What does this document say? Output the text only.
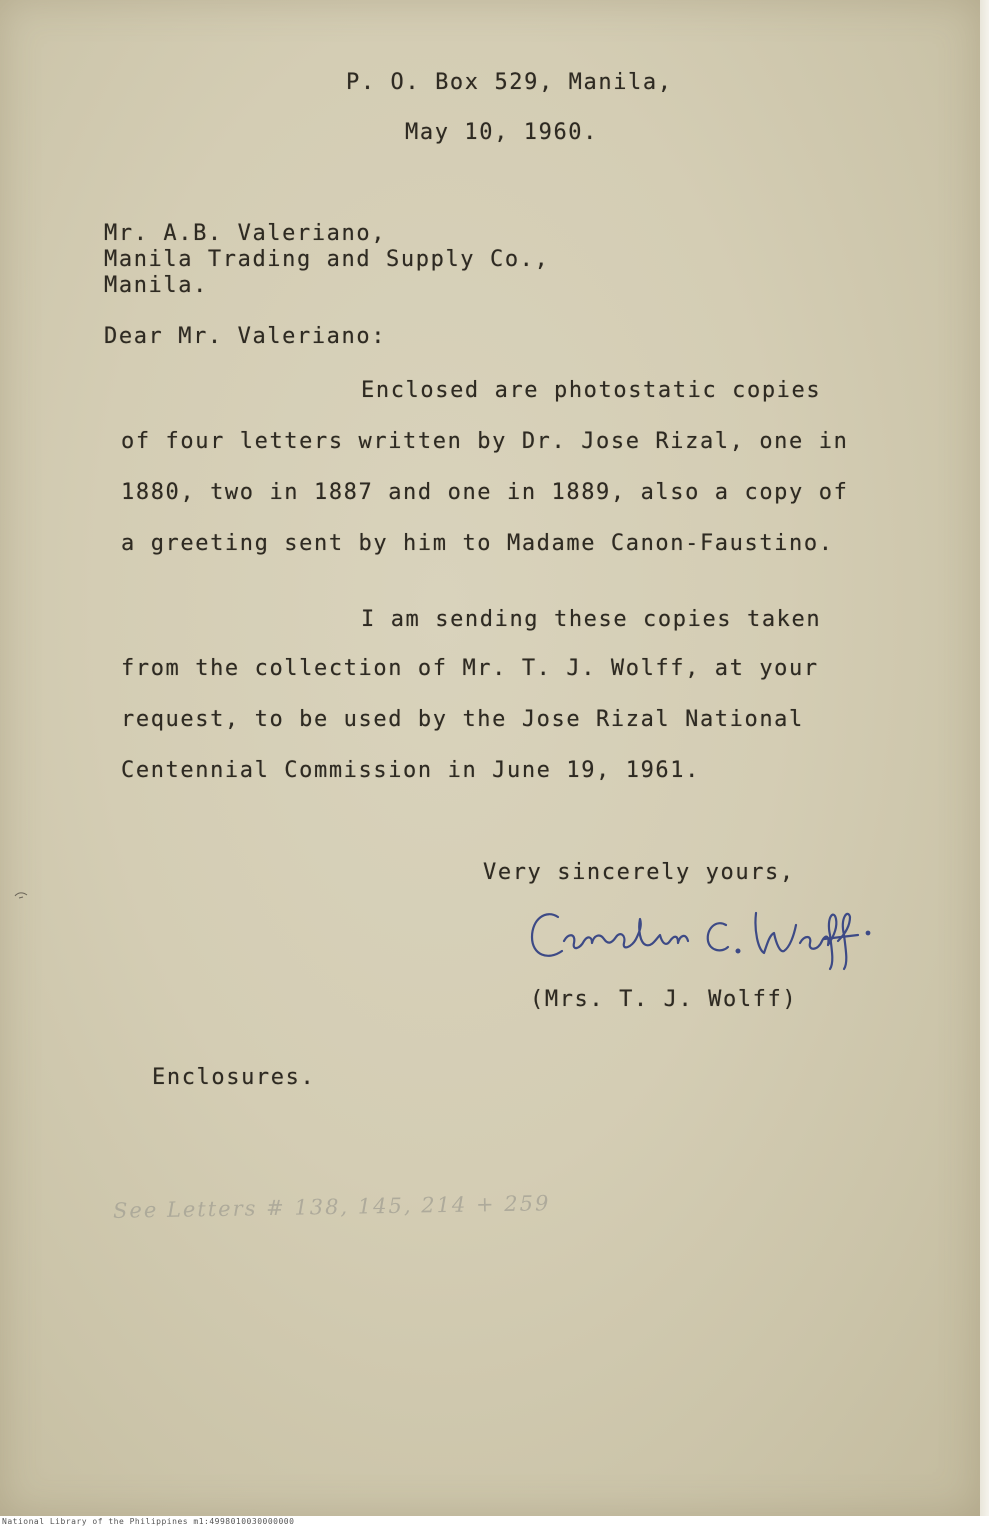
P. O. Box 529, Manila,
May 10, 1960.
Mr. A.B. Valeriano,
Manila Trading and Supply Co.,
Manila.
Dear Mr. Valeriano:
Enclosed are photostatic copies
of four letters written by Dr. Jose Rizal, one in
1880, two in 1887 and one in 1889, also a copy of
a greeting sent by him to Madame Canon-Faustino.
I am sending these copies taken
from the collection of Mr. T. J. Wolff, at your
request, to be used by the Jose Rizal National
Centennial Commission in June 19, 1961.
Very sincerely yours,
(Mrs. T. J. Wolff)
Enclosures.
See Letters # 138, 145, 214 + 259
National Library of the Philippines m1:4998010030000000
